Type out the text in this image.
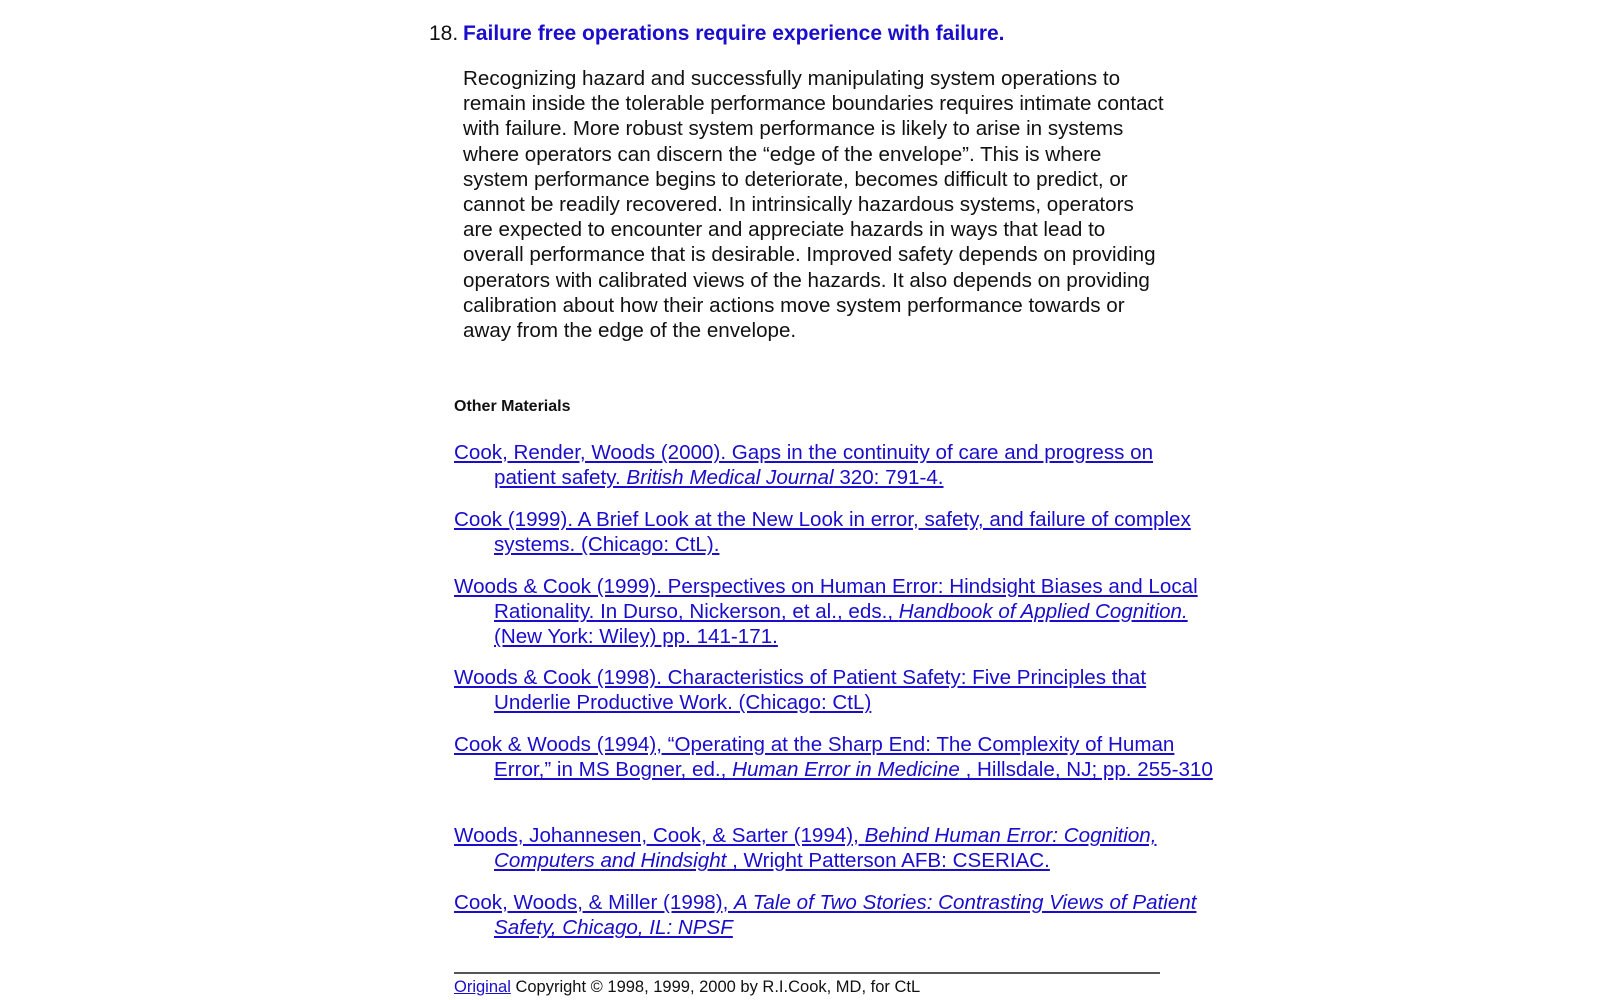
18. Failure free operations require experience with failure.
Recognizing hazard and successfully manipulating system operations to remain inside the tolerable performance boundaries requires intimate contact with failure. More robust system performance is likely to arise in systems where operators can discern the “edge of the envelope”. This is where system performance begins to deteriorate, becomes difficult to predict, or cannot be readily recovered. In intrinsically hazardous systems, operators are expected to encounter and appreciate hazards in ways that lead to overall performance that is desirable. Improved safety depends on providing operators with calibrated views of the hazards. It also depends on providing calibration about how their actions move system performance towards or away from the edge of the envelope.
Other Materials
Cook, Render, Woods (2000). Gaps in the continuity of care and progress on patient safety. British Medical Journal 320: 791-4.
Cook (1999). A Brief Look at the New Look in error, safety, and failure of complex systems. (Chicago: CtL).
Woods & Cook (1999). Perspectives on Human Error: Hindsight Biases and Local Rationality. In Durso, Nickerson, et al., eds., Handbook of Applied Cognition. (New York: Wiley) pp. 141-171.
Woods & Cook (1998). Characteristics of Patient Safety: Five Principles that Underlie Productive Work. (Chicago: CtL)
Cook & Woods (1994), “Operating at the Sharp End: The Complexity of Human Error,” in MS Bogner, ed., Human Error in Medicine , Hillsdale, NJ; pp. 255-310
Woods, Johannesen, Cook, & Sarter (1994), Behind Human Error: Cognition, Computers and Hindsight , Wright Patterson AFB: CSERIAC.
Cook, Woods, & Miller (1998), A Tale of Two Stories: Contrasting Views of Patient Safety, Chicago, IL: NPSF
Original Copyright © 1998, 1999, 2000 by R.I.Cook, MD, for CtL
